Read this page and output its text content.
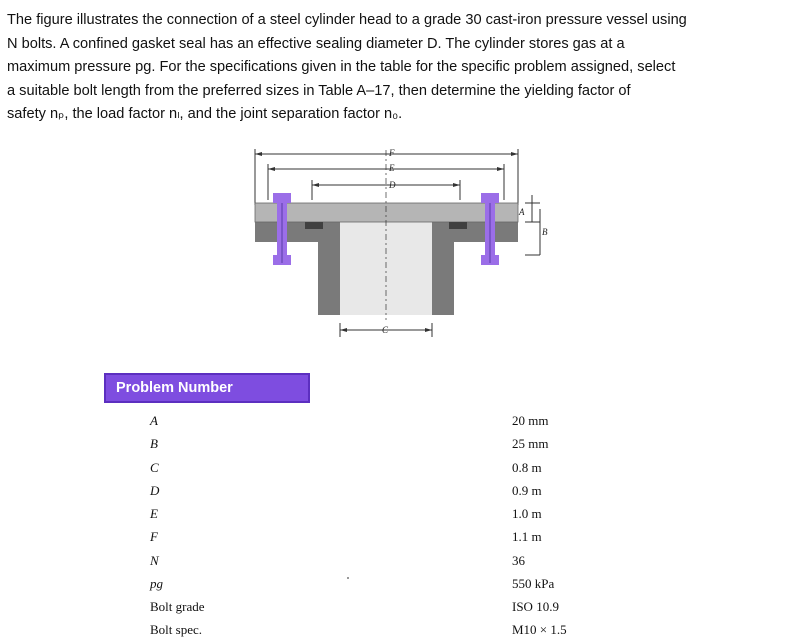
The figure illustrates the connection of a steel cylinder head to a grade 30 cast-iron pressure vessel using
N bolts. A confined gasket seal has an effective sealing diameter D. The cylinder stores gas at a
maximum pressure pg. For the specifications given in the table for the specific problem assigned, select
a suitable bolt length from the preferred sizes in Table A–17, then determine the yielding factor of
safety nₚ, the load factor nₗ, and the joint separation factor n₀.
F
E
D
A
B
C
Problem Number
A	20 mm
B	25 mm
C	0.8 m
D	0.9 m
E	1.0 m
F	1.1 m
N	36
pg	550 kPa
Bolt grade	ISO 10.9
Bolt spec.	M10 × 1.5
